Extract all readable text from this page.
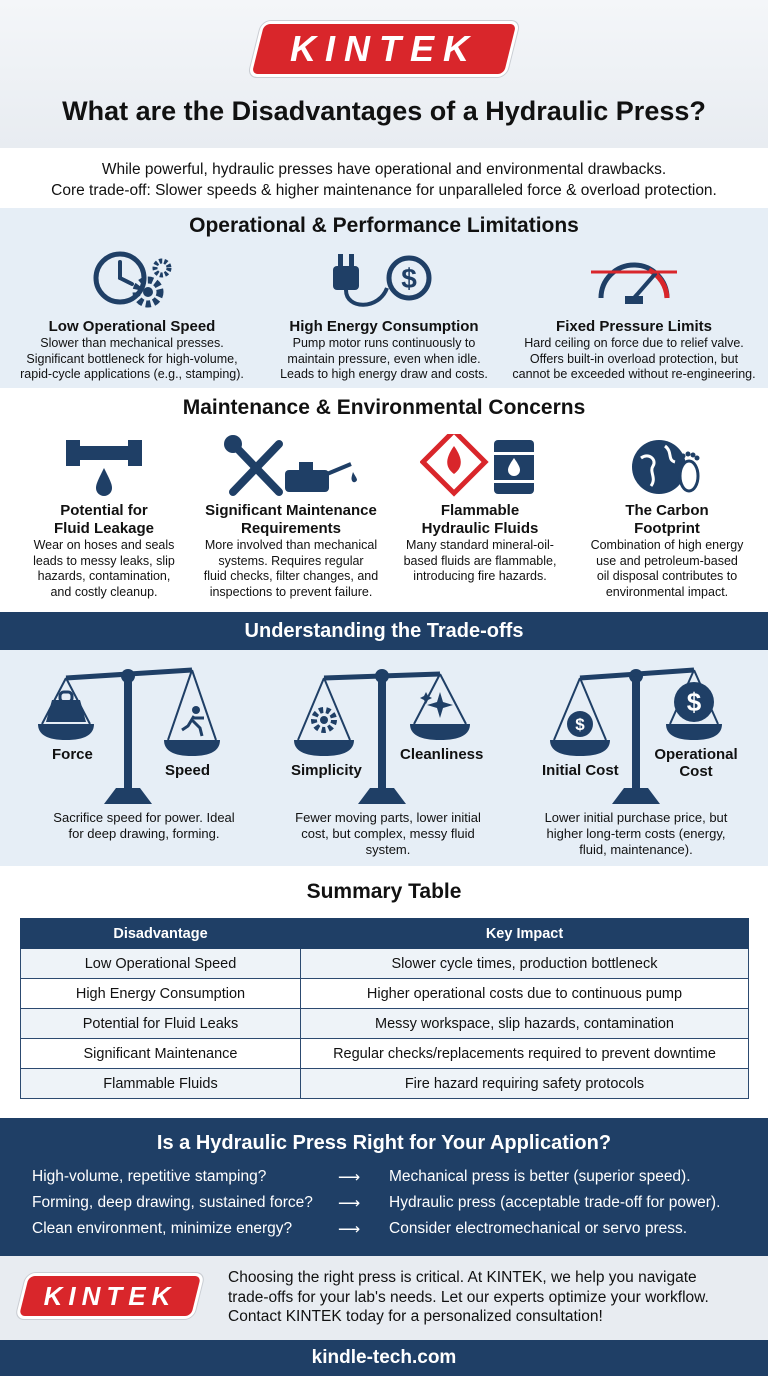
KINTEK
What are the Disadvantages of a Hydraulic Press?
While powerful, hydraulic presses have operational and environmental drawbacks.
Core trade-off: Slower speeds & higher maintenance for unparalleled force & overload protection.
Operational & Performance Limitations
Low Operational Speed
Slower than mechanical presses.
Significant bottleneck for high-volume,
rapid-cycle applications (e.g., stamping).
$
High Energy Consumption
Pump motor runs continuously to
maintain pressure, even when idle.
Leads to high energy draw and costs.
Fixed Pressure Limits
Hard ceiling on force due to relief valve.
Offers built-in overload protection, but
cannot be exceeded without re-engineering.
Maintenance & Environmental Concerns
Potential for
Fluid Leakage
Wear on hoses and seals
leads to messy leaks, slip
hazards, contamination,
and costly cleanup.
Significant Maintenance
Requirements
More involved than mechanical
systems. Requires regular
fluid checks, filter changes, and
inspections to prevent failure.
Flammable
Hydraulic Fluids
Many standard mineral-oil-
based fluids are flammable,
introducing fire hazards.
The Carbon
Footprint
Combination of high energy
use and petroleum-based
oil disposal contributes to
environmental impact.
Understanding the Trade-offs
Force
Speed
Sacrifice speed for power. Ideal
for deep drawing, forming.
Simplicity
Cleanliness
Fewer moving parts, lower initial
cost, but complex, messy fluid
system.
$
$
Initial Cost
Operational
Cost
Lower initial purchase price, but
higher long-term costs (energy,
fluid, maintenance).
Summary Table
Disadvantage	Key Impact
Low Operational Speed	Slower cycle times, production bottleneck
High Energy Consumption	Higher operational costs due to continuous pump
Potential for Fluid Leaks	Messy workspace, slip hazards, contamination
Significant Maintenance	Regular checks/replacements required to prevent downtime
Flammable Fluids	Fire hazard requiring safety protocols
Is a Hydraulic Press Right for Your Application?
High-volume, repetitive stamping?	⟶ Mechanical press is better (superior speed).
Forming, deep drawing, sustained force? ⟶ Hydraulic press (acceptable trade-off for power).
Clean environment, minimize energy?	⟶ Consider electromechanical or servo press.
KINTEK
Choosing the right press is critical. At KINTEK, we help you navigate
trade-offs for your lab's needs. Let our experts optimize your workflow.
Contact KINTEK today for a personalized consultation!
kindle-tech.com
